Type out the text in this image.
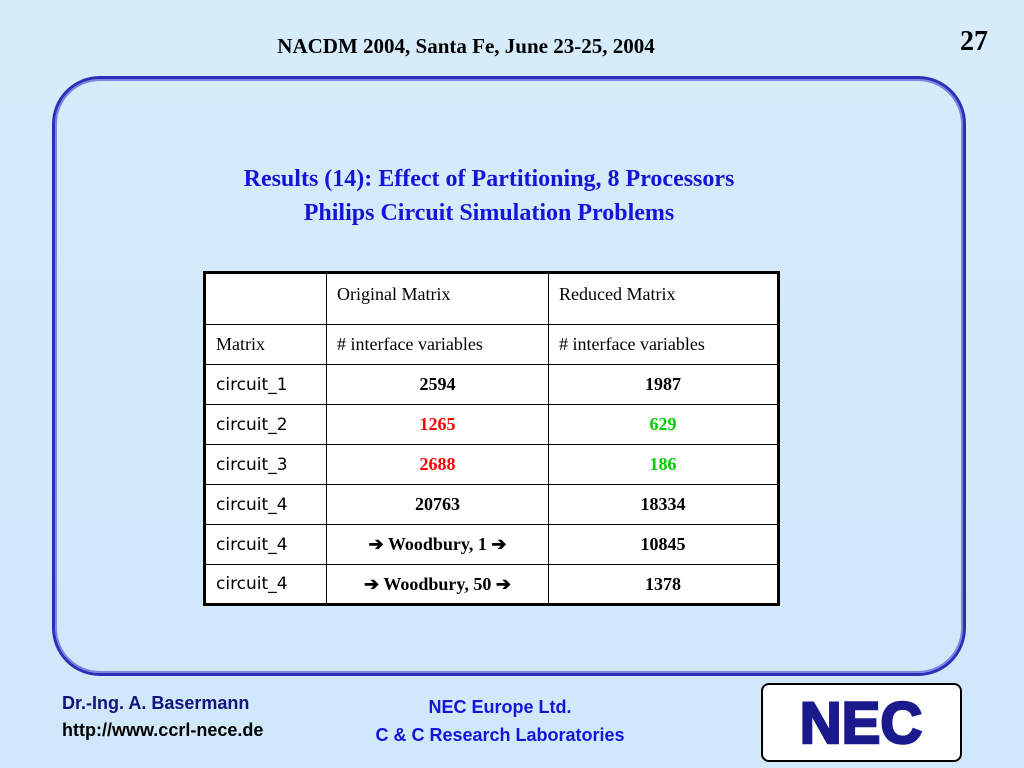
NACDM 2004, Santa Fe, June 23-25, 2004	27
Results (14): Effect of Partitioning, 8 Processors
Philips Circuit Simulation Problems
	Original Matrix	Reduced Matrix
Matrix	# interface variables	# interface variables
circuit_1	2594	1987
circuit_2	1265	629
circuit_3	2688	186
circuit_4	20763	18334
circuit_4	➔ Woodbury, 1 ➔	10845
circuit_4	➔ Woodbury, 50 ➔	1378
Dr.-Ing. A. Basermann
http://www.ccrl-nece.de
NEC Europe Ltd.
C & C Research Laboratories	NEC
